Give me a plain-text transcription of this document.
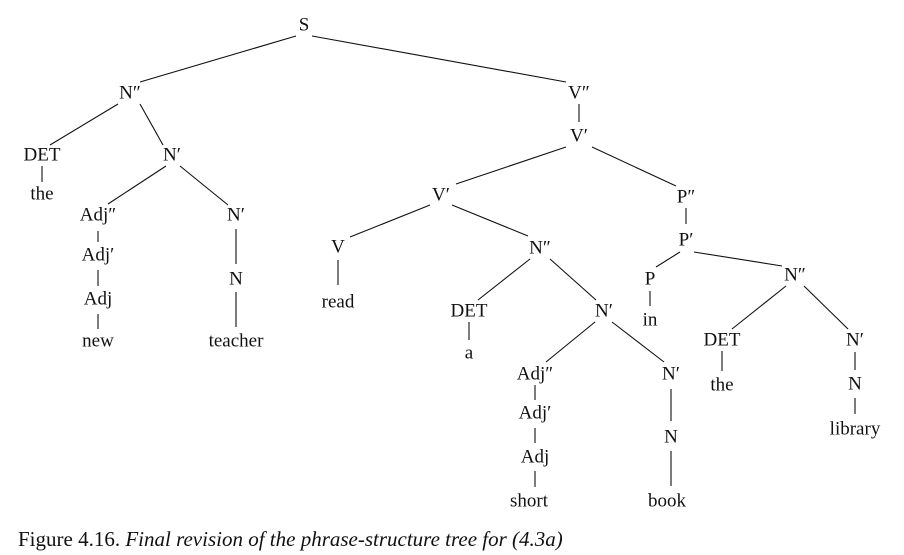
S
N″
DET
the
N′
Adj″
Adj′
Adj
new
N′
N
teacher
V″
V′
V′
V
read
N″
DET
a
N′
Adj″
Adj′
Adj
short
N′
N
book
P″
P′
P
in
N″
DET
the
N′
N
library
Figure 4.16. Final revision of the phrase-structure tree for (4.3a)
